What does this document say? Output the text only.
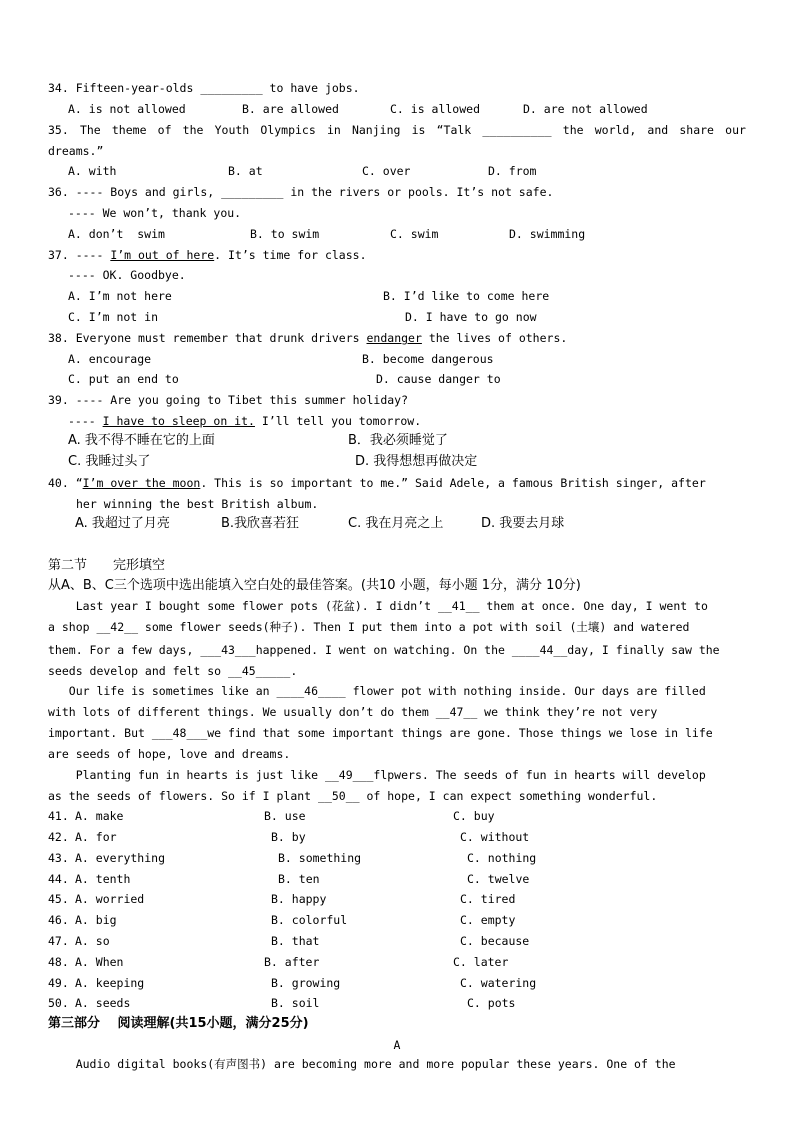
34. Fifteen-year-olds _________ to have jobs.
A. is not allowed	B. are allowed	C. is allowed	D. are not allowed
35. The theme of the Youth Olympics in Nanjing is “Talk __________ the world, and share our
dreams.”
A. with	B. at	C. over	D. from
36. ---- Boys and girls, _________ in the rivers or pools. It’s not safe.
---- We won’t, thank you.
A. don’t  swim	B. to swim	C. swim	D. swimming
37. ---- I’m out of here. It’s time for class.
---- OK. Goodbye.
A. I’m not here	B. I’d like to come here
C. I’m not in	D. I have to go now
38. Everyone must remember that drunk drivers endanger the lives of others.
A. encourage	B. become dangerous
C. put an end to	D. cause danger to
39. ---- Are you going to Tibet this summer holiday?
---- I have to sleep on it. I’ll tell you tomorrow.
A. 我不得不睡在它的上面	B．我必须睡觉了
C. 我睡过头了	D. 我得想想再做决定
40. “I’m over the moon. This is so important to me.” Said Adele, a famous British singer, after
her winning the best British album.
A. 我超过了月亮	B.我欣喜若狂	C. 我在月亮之上	D. 我要去月球
第二节　　完形填空
从A、B、C三个选项中选出能填入空白处的最佳答案。(共10 小题，每小题 1分，满分 10分)
Last year I bought some flower pots (花盆). I didn’t __41__ them at once. One day, I went to
a shop __42__ some flower seeds(种子). Then I put them into a pot with soil (土壤) and watered
them. For a few days, ___43___happened. I went on watching. On the ____44__day, I finally saw the
seeds develop and felt so __45_____.
Our life is sometimes like an ____46____ flower pot with nothing inside. Our days are filled
with lots of different things. We usually don’t do them __47__ we think they’re not very
important. But ___48___we find that some important things are gone. Those things we lose in life
are seeds of hope, love and dreams.
Planting fun in hearts is just like __49___flpwers. The seeds of fun in hearts will develop
as the seeds of flowers. So if I plant __50__ of hope, I can expect something wonderful.
41. A. make	B. use	C. buy
42. A. for	B. by	C. without
43. A. everything	B. something	C. nothing
44. A. tenth	B. ten	C. twelve
45. A. worried	B. happy	C. tired
46. A. big	B. colorful	C. empty
47. A. so	B. that	C. because
48. A. When	B. after	C. later
49. A. keeping	B. growing	C. watering
50. A. seeds	B. soil	C. pots
第三部分　 阅读理解(共15小题，满分25分)
A
Audio digital books(有声图书) are becoming more and more popular these years. One of the
